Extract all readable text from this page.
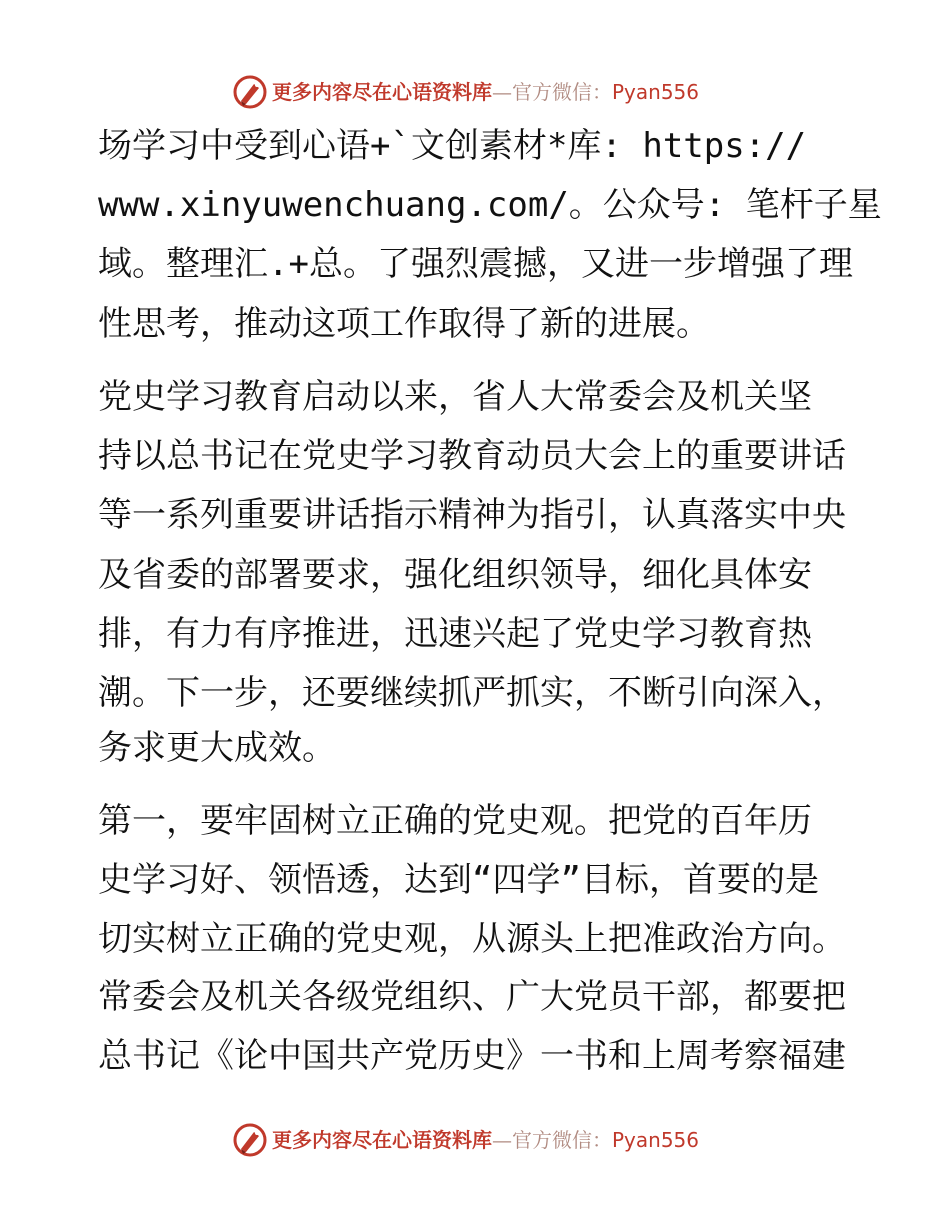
更多内容尽在心语资料库—官方微信：Pyan556
场学习中受到心语+`文创素材*库: https://
www.xinyuwenchuang.com/。公众号: 笔杆子星
域。整理汇.+总。了强烈震撼，又进一步增强了理
性思考，推动这项工作取得了新的进展。
党史学习教育启动以来，省人大常委会及机关坚
持以总书记在党史学习教育动员大会上的重要讲话
等一系列重要讲话指示精神为指引，认真落实中央
及省委的部署要求，强化组织领导，细化具体安
排，有力有序推进，迅速兴起了党史学习教育热
潮。下一步，还要继续抓严抓实，不断引向深入，
务求更大成效。
第一，要牢固树立正确的党史观。把党的百年历
史学习好、领悟透，达到“四学”目标，首要的是
切实树立正确的党史观，从源头上把准政治方向。
常委会及机关各级党组织、广大党员干部，都要把
总书记《论中国共产党历史》一书和上周考察福建
更多内容尽在心语资料库—官方微信：Pyan556
